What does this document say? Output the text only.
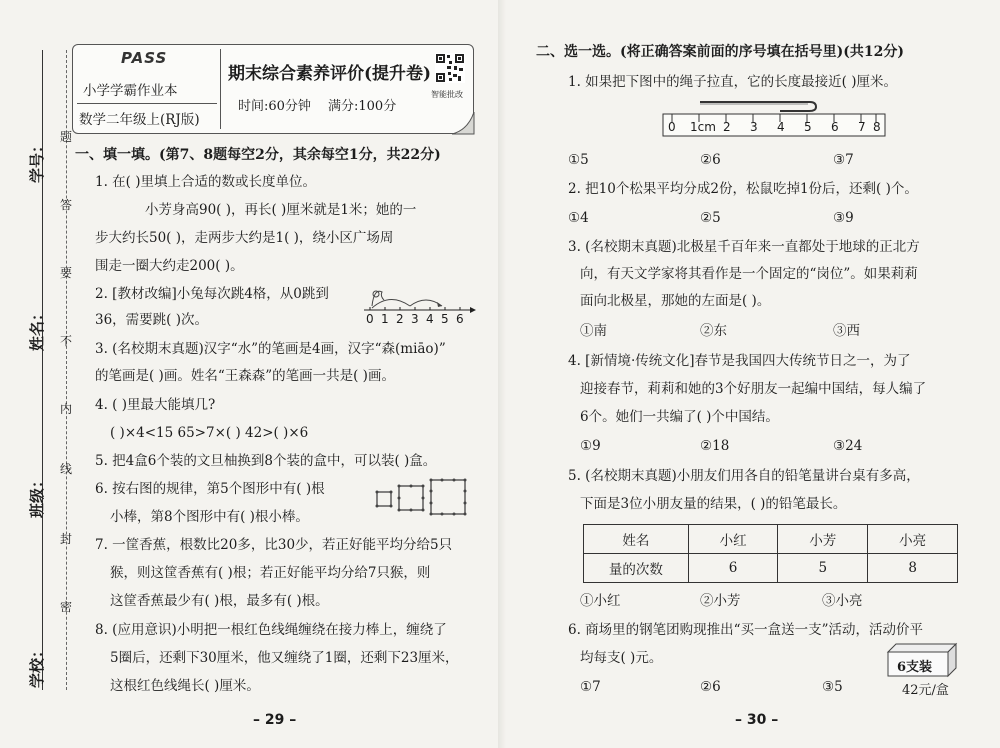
学号：
姓名：
班级：
学校：
题
答
要
不
内
线
封
密
PASS
小学学霸作业本
数学二年级上(RJ版)
期末综合素养评价(提升卷)
时间:60分钟 满分:100分
智能批改
一、填一填。(第7、8题每空2分，其余每空1分，共22分)
1. 在( )里填上合适的数或长度单位。
小芳身高90( )，再长( )厘米就是1米；她的一
步大约长50( )，走两步大约是1( )，绕小区广场周
围走一圈大约走200( )。
2. [教材改编]小兔每次跳4格，从0跳到
36，需要跳( )次。	0 1 2 3 4 5 6
3. (名校期末真题)汉字“水”的笔画是4画，汉字“森(miāo)”
的笔画是( )画。姓名“王森森”的笔画一共是( )画。
4. ( )里最大能填几?
( )×4<15 65>7×( ) 42>( )×6
5. 把4盒6个装的文旦柚换到8个装的盒中，可以装( )盒。
6. 按右图的规律，第5个图形中有( )根
小棒，第8个图形中有( )根小棒。
7. 一筐香蕉，根数比20多，比30少，若正好能平均分给5只
猴，则这筐香蕉有( )根；若正好能平均分给7只猴，则
这筐香蕉最少有( )根，最多有( )根。
8. (应用意识)小明把一根红色线绳缠绕在接力棒上，缠绕了
5圈后，还剩下30厘米，他又缠绕了1圈，还剩下23厘米，
这根红色线绳长( )厘米。
– 29 –
二、选一选。(将正确答案前面的序号填在括号里)(共12分)
1. 如果把下图中的绳子拉直，它的长度最接近( )厘米。
0 1cm 2 3 4 5 6 7 8
①5	②6	③7
2. 把10个松果平均分成2份，松鼠吃掉1份后，还剩( )个。
①4	②5	③9
3. (名校期末真题)北极星千百年来一直都处于地球的正北方
向，有天文学家将其看作是一个固定的“岗位”。如果莉莉
面向北极星，那她的左面是( )。
①南	②东	③西
4. [新情境·传统文化]春节是我国四大传统节日之一，为了
迎接春节，莉莉和她的3个好朋友一起编中国结，每人编了
6个。她们一共编了( )个中国结。
①9	②18	③24
5. (名校期末真题)小朋友们用各自的铅笔量讲台桌有多高，
下面是3位小朋友量的结果，( )的铅笔最长。
姓名	小红	小芳	小亮
量的次数	6	5	8
①小红	②小芳	③小亮
6. 商场里的钢笔团购现推出“买一盒送一支”活动，活动价平
均每支( )元。
6支装
42元/盒
①7	②6	③5
– 30 –
